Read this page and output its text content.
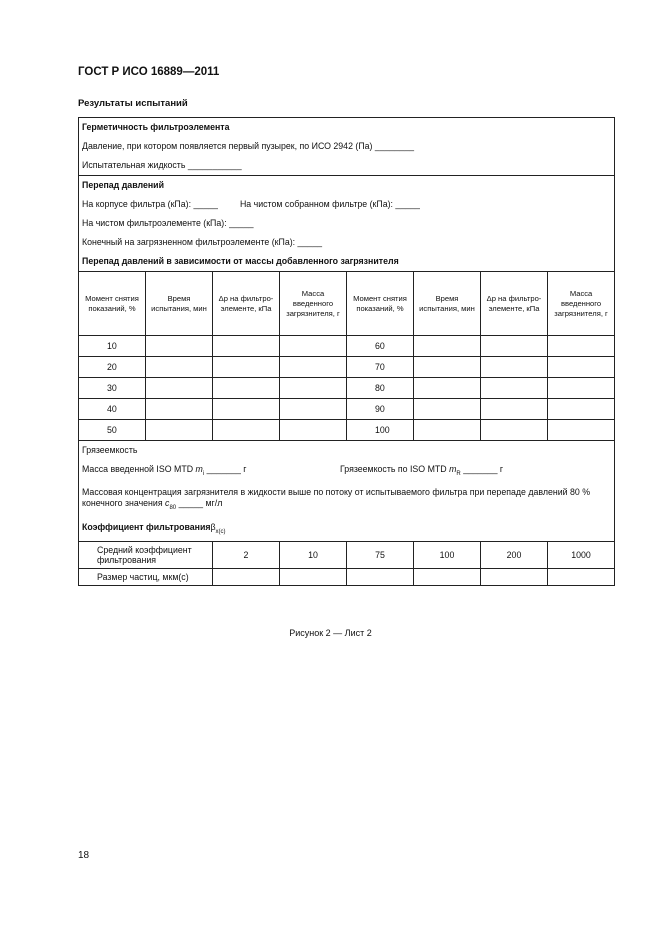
ГОСТ Р ИСО 16889—2011
Результаты испытаний
Герметичность фильтроэлемента
Давление, при котором появляется первый пузырек, по ИСО 2942 (Па) ________
Испытательная жидкость ___________							

Перепад давлений
На корпусе фильтра (кПа): _____ На чистом собранном фильтре (кПа): _____
На чистом фильтроэлементе (кПа): _____
Конечный на загрязненном фильтроэлементе (кПа): _____
Перепад давлений в зависимости от массы добавленного загрязнителя							

Момент снятия показаний, %	Время испытания, мин	Δp на фильтро-элементе, кПа	Масса введенного загрязнителя, г	Момент снятия показаний, %	Время испытания, мин	Δp на фильтро-элементе, кПа	Масса введенного загрязнителя, г
10				60			
20				70			
30				80			
40				90			
50				100			

Грязеемкость
Масса введенной ISO MTD $m_i$ _______ г Грязеемкость по ISO MTD $m_R$ _______ г
Массовая концентрация загрязнителя в жидкости выше по потоку от испытываемого фильтра при перепаде давлений 80 % конечного значения $c_{80}$ _____ мг/л
Коэффициент фильтрованияβ$_{x(c)}$

Средний коэффициент фильтрования		2	10	75	100	200	1000
Размер частиц, мкм(с)							
Рисунок 2 — Лист 2
18
